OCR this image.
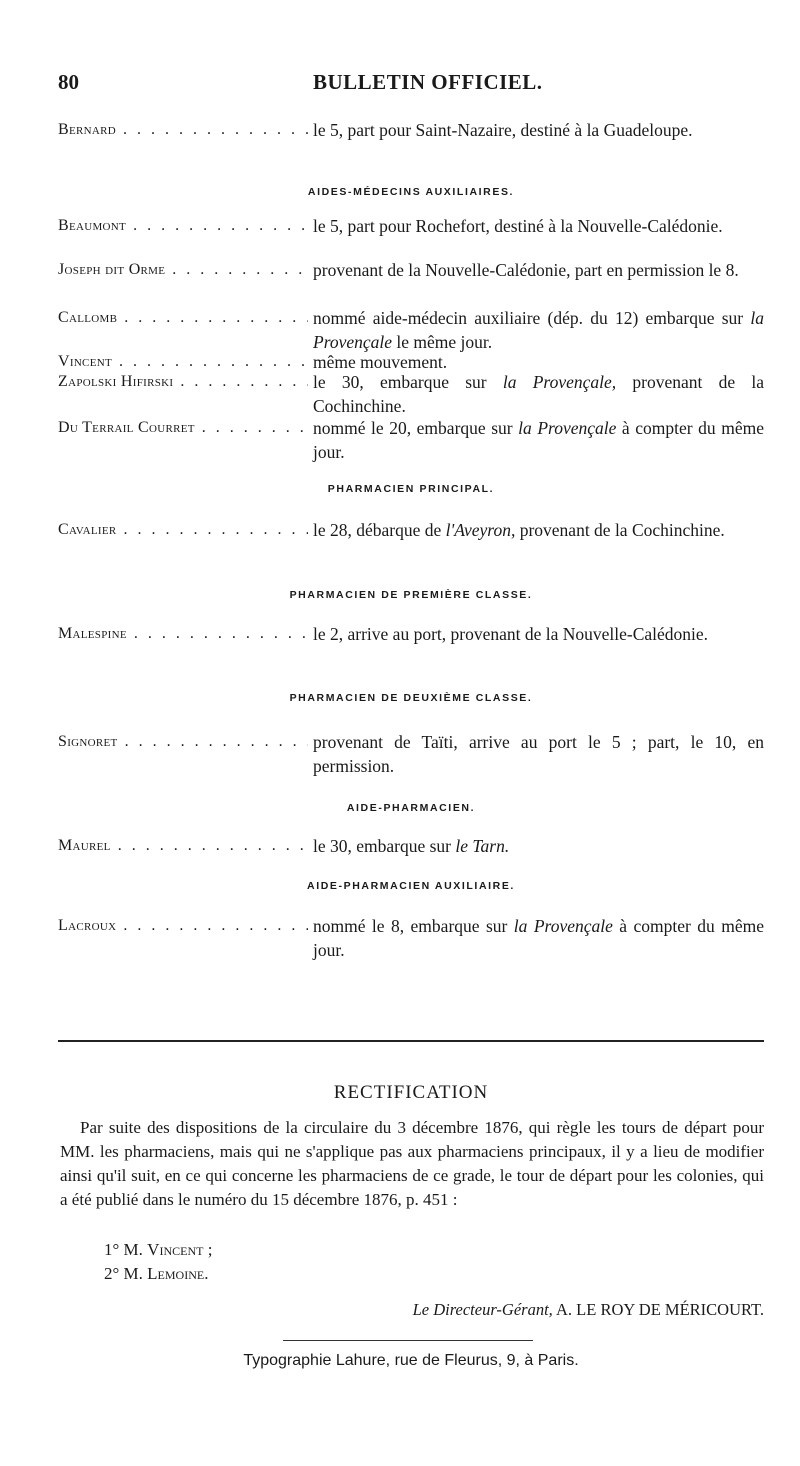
80	BULLETIN OFFICIEL.
Bernard . . .	le 5, part pour Saint-Nazaire, destiné à la Guadeloupe.
AIDES-MÉDECINS AUXILIAIRES.
Beaumont . . .	le 5, part pour Rochefort, destiné à la Nouvelle-Calédonie.
Joseph dit Orme . . .	provenant de la Nouvelle-Calédonie, part en permission le 8.
Callomb . . .	nommé aide-médecin auxiliaire (dép. du 12) embarque sur la Provençale le même jour.
Vincent . . .	même mouvement.
Zapolski Hifirski . . .	le 30, embarque sur la Provençale, provenant de la Cochinchine.
Du Terrail Courret . . .	nommé le 20, embarque sur la Provençale à compter du même jour.
PHARMACIEN PRINCIPAL.
Cavalier . . .	le 28, débarque de l'Aveyron, provenant de la Cochinchine.
PHARMACIEN DE PREMIÈRE CLASSE.
Malespine . . .	le 2, arrive au port, provenant de la Nouvelle-Calédonie.
PHARMACIEN DE DEUXIÈME CLASSE.
Signoret . . .	provenant de Taïti, arrive au port le 5 ; part, le 10, en permission.
AIDE-PHARMACIEN.
Maurel . . .	le 30, embarque sur le Tarn.
AIDE-PHARMACIEN AUXILIAIRE.
Lacroux . . .	nommé le 8, embarque sur la Provençale à compter du même jour.
RECTIFICATION
Par suite des dispositions de la circulaire du 3 décembre 1876, qui règle les tours de départ pour MM. les pharmaciens, mais qui ne s'applique pas aux pharmaciens principaux, il y a lieu de modifier ainsi qu'il suit, en ce qui concerne les pharmaciens de ce grade, le tour de départ pour les colonies, qui a été publié dans le numéro du 15 décembre 1876, p. 451 :
1° M. Vincent ;
2° M. Lemoine.
Le Directeur-Gérant, A. LE ROY DE MÉRICOURT.
Typographie Lahure, rue de Fleurus, 9, à Paris.
